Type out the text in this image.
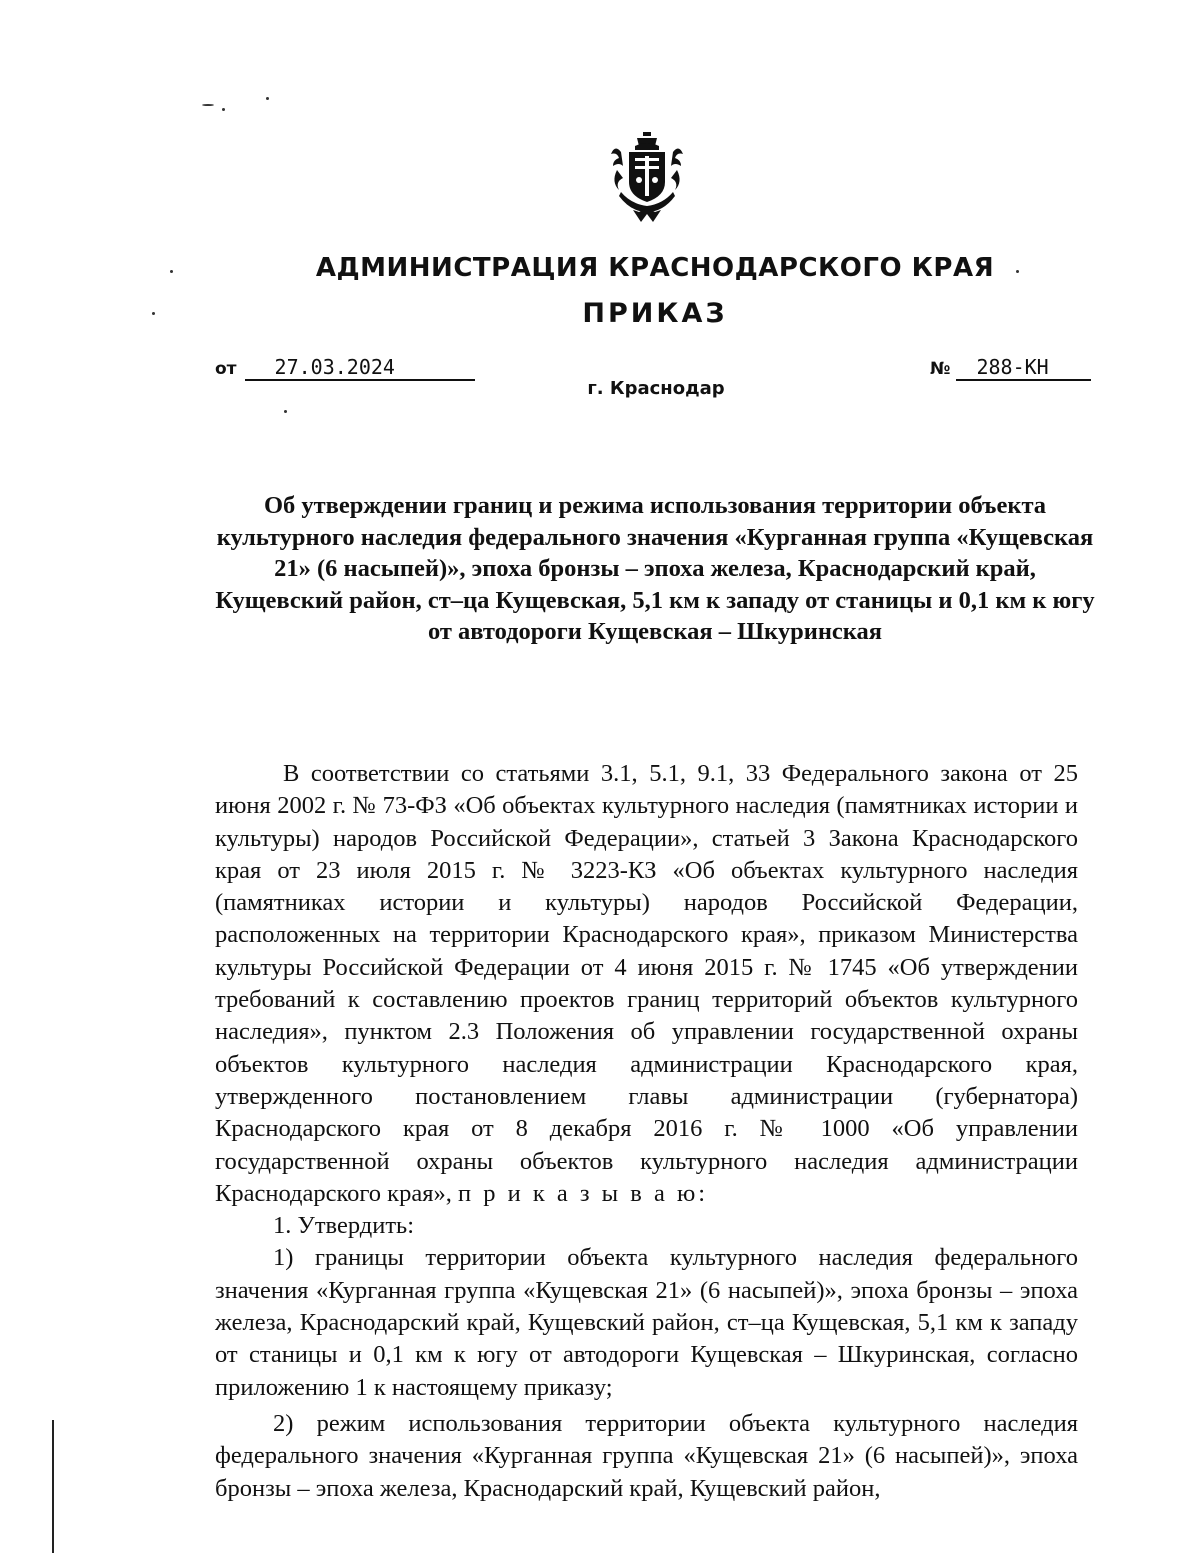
АДМИНИСТРАЦИЯ КРАСНОДАРСКОГО КРАЯ
ПРИКАЗ
от 27.03.2024	№ 288-КН
г. Краснодар
Об утверждении границ и режима использования территории объекта культурного наследия федерального значения «Курганная группа «Кущевская 21» (6 насыпей)», эпоха бронзы – эпоха железа, Краснодарский край, Кущевский район, ст–ца Кущевская, 5,1 км к западу от станицы и 0,1 км к югу от автодороги Кущевская – Шкуринская

В соответствии со статьями 3.1, 5.1, 9.1, 33 Федерального закона от 25 июня 2002 г. № 73-ФЗ «Об объектах культурного наследия (памятниках истории и культуры) народов Российской Федерации», статьей 3 Закона Краснодарского края от 23 июля 2015 г. № 3223-КЗ «Об объектах культурного наследия (памятниках истории и культуры) народов Российской Федерации, расположенных на территории Краснодарского края», приказом Министерства культуры Российской Федерации от 4 июня 2015 г. № 1745 «Об утверждении требований к составлению проектов границ территорий объектов культурного наследия», пунктом 2.3 Положения об управлении государственной охраны объектов культурного наследия администрации Краснодарского края, утвержденного постановлением главы администрации (губернатора) Краснодарского края от 8 декабря 2016 г. № 1000 «Об управлении государственной охраны объектов культурного наследия администрации Краснодарского края», п р и к а з ы в а ю:

1. Утвердить:

1) границы территории объекта культурного наследия федерального значения «Курганная группа «Кущевская 21» (6 насыпей)», эпоха бронзы – эпоха железа, Краснодарский край, Кущевский район, ст–ца Кущевская, 5,1 км к западу от станицы и 0,1 км к югу от автодороги Кущевская – Шкуринская, согласно приложению 1 к настоящему приказу;

2) режим использования территории объекта культурного наследия федерального значения «Курганная группа «Кущевская 21» (6 насыпей)», эпоха бронзы – эпоха железа, Краснодарский край, Кущевский район,
